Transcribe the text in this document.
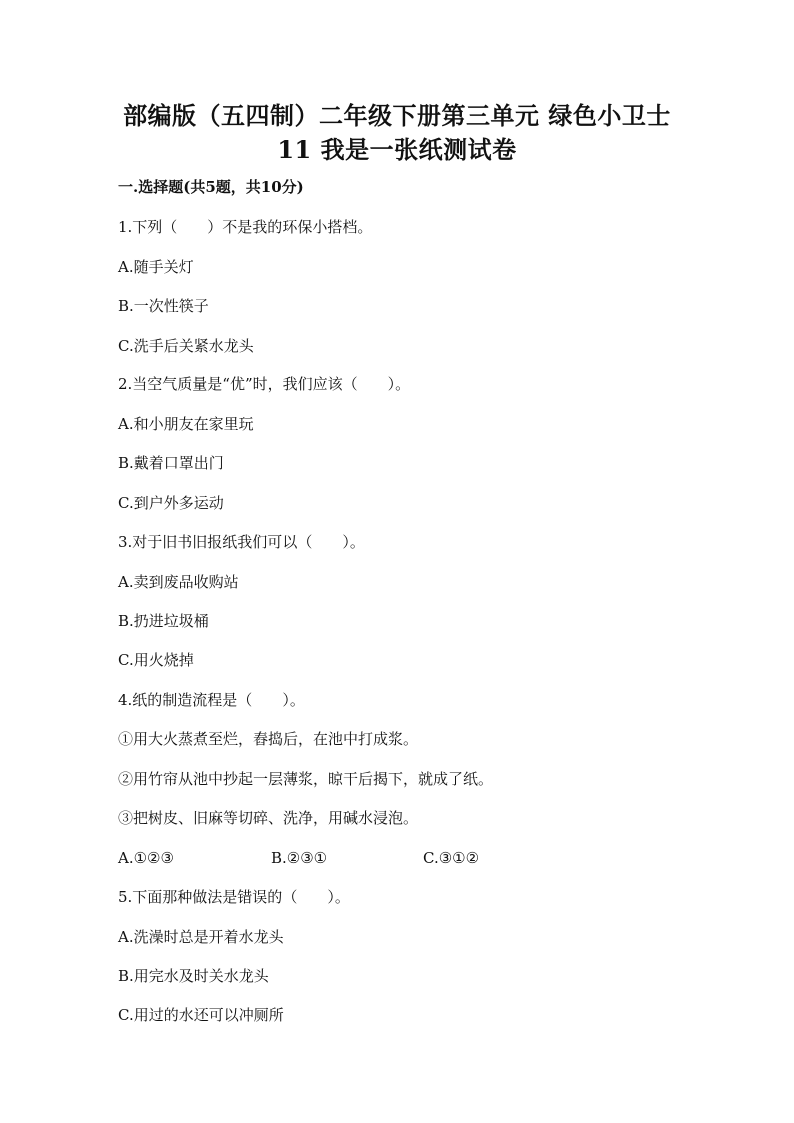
部编版（五四制）二年级下册第三单元 绿色小卫士
11 我是一张纸测试卷
一.选择题(共5题，共10分)
1.下列（　　）不是我的环保小搭档。
A.随手关灯
B.一次性筷子
C.洗手后关紧水龙头
2.当空气质量是“优”时，我们应该（　　）。
A.和小朋友在家里玩
B.戴着口罩出门
C.到户外多运动
3.对于旧书旧报纸我们可以（　　）。
A.卖到废品收购站
B.扔进垃圾桶
C.用火烧掉
4.纸的制造流程是（　　）。
①用大火蒸煮至烂，舂捣后，在池中打成浆。
②用竹帘从池中抄起一层薄浆，晾干后揭下，就成了纸。
③把树皮、旧麻等切碎、洗净，用碱水浸泡。
A.①②③	B.②③①	C.③①②
5.下面那种做法是错误的（　　）。
A.洗澡时总是开着水龙头
B.用完水及时关水龙头
C.用过的水还可以冲厕所
